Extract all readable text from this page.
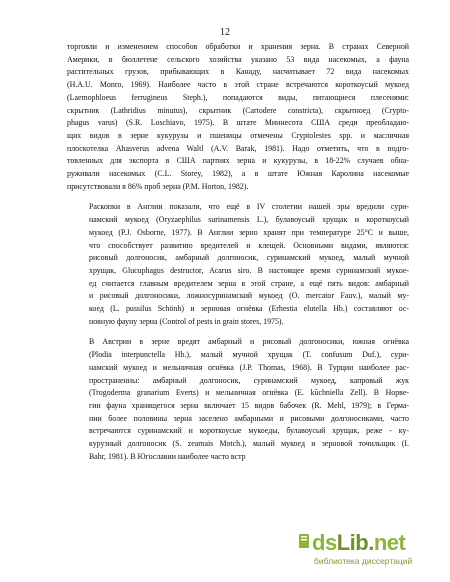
12

торговли и изменением способов обработки и хранения зерна. В странах Северной
Америки, в бюллетене сельского хозяйства указано 53 вида насекомых, а фауна
растительных грузов, прибывающих в Канаду, насчитывает 72 вида насекомых
(H.A.U. Monro, 1969). Наиболее часто в этой стране встречаются короткоусый мукоед
(Laemophloeus ferrugineus Steph.), попадаются виды, питающиеся плесенями:
скрытник (Lathridius minutus), скрытник (Cartodere constricta), скрытноед (Crypto-
phagus varus) (S.R. Loschiavo, 1975). В штате Миннесота США среди преобладаю-
щих видов в зерне кукурузы и пшеницы отмечены Cryptolestes spp. и масличная
плоскотелка Ahasverus advena Waltl (A.V. Barak, 1981). Надо отметить, что в подго-
товленных для экспорта в США партиях зерна и кукурузы, в 18-22% случаев обна-
руживали насекомых (C.L. Storey, 1982), а в штате Южная Каролина насекомые
присутствовали в 86% проб зерна (P.M. Horton, 1982).

Раскопки в Англии показали, что ещё в IV столетии нашей эры вредили сури-
намский мукоед (Oryzaephilus surinamensis L.), булавоусый хрущак и короткоусый
мукоед (P.J. Osborne, 1977). В Англии зерно хранят при температуре 25°C и выше,
что способствует развитию вредителей и клещей. Основными видами, являются:
рисовый долгоносик, амбарный долгоносик, суринамский мукоед, малый мучной
хрущак, Glucuphagus destructor, Acarus siro. В настоящее время суринамский мукое-
ед считается главным вредителем зерна в этой стране, а ещё пять видов: амбарный
и рисовый долгоносики, ложносуринамский мукоед (O. mercator Fauv.), малый му-
коед (L. pussilus Schönh) и зерновая огнёвка (Erhestia elutella Hb.) составляют ос-
новную фауну зерна (Control of pests in grain stores, 1975).

В Австрии в зерне вредят амбарный и рисовый долгоносики, южная огнёвка
(Plodia interpunctella Hb.), малый мучной хрущак (T. confusum Duf.), сури-
намский мукоед и мельничная огнёвка (J.P. Thomas, 1968). В Турции наиболее рас-
пространенны: амбарный долгоносик, суринамский мукоед, капровый жук
(Trogoderma granarium Everts) и мельничная огнёвка (E. kũchniella Zell). В Норве-
гии фауна хранящегося зерна включает 15 видов бабочек (R. Mehl, 1979); в Герма-
нии более половины зерна заселено амбарными и рисовыми долгоносиками, часто
встречаются суринамский и короткоусые мукоеды, булавоусый хрущак, реже - ку-
курузный долгоносик (S. zeamais Motch.), малый мукоед и зерновой точильщик (I.
Bahr, 1981). В Югославии наиболее часто встр

ds Lib . net
библиотека диссертаций
